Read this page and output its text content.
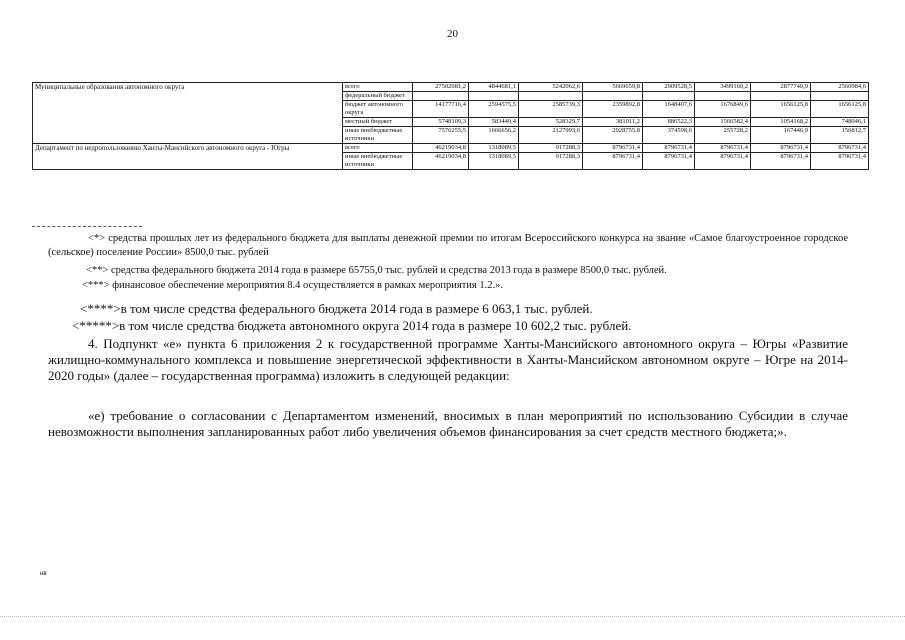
20
Муниципальные образования автономного округа	всего	27502081,2	4844681,1	5242062,6	5669659,8	2909528,5	3499160,2	2877740,9	2560984,6
	федеральный бюджет								
	бюджет автономного округа	14177716,4	2594575,5	2585739,3	2359892,8	1648407,6	1676849,6	1656125,8	1656125,8
	местный бюджет	5748109,3	583449,4	528329,7	381011,2	886522,3	1566582,4	1054168,2	748046,1
	иные внебюджетные источники	7576255,5	1666656,2	2127993,6	2928755,8	374598,6	255728,2	167446,9	156812,7
Департамент по недропользованию Ханты-Мансийского автономного округа - Югры	всего	46219034,8	1318089,5	917288,3	8796731,4	8796731,4	8796731,4	8796731,4	8796731,4
	иные внебюджетные источники	46219034,8	1318089,5	917288,3	8796731,4	8796731,4	8796731,4	8796731,4	8796731,4
<*> средства прошлых лет из федерального бюджета для выплаты денежной премии по итогам Всероссийского конкурса на звание «Самое благоустроенное городское (сельское) поселение России» 8500,0 тыс. рублей
<**> средства федерального бюджета 2014 года в размере 65755,0 тыс. рублей и средства 2013 года в размере 8500,0 тыс. рублей.
<***> финансовое обеспечение мероприятия 8.4 осуществляется в рамках мероприятия 1.2.».
<****>в том числе средства федерального бюджета 2014 года в размере 6 063,1 тыс. рублей.
<*****>в том числе средства бюджета автономного округа 2014 года в размере 10 602,2 тыс. рублей.
4. Подпункт «е» пункта 6 приложения 2 к государственной программе Ханты-Мансийского автономного округа – Югры «Развитие жилищно-коммунального комплекса и повышение энергетической эффективности в Ханты-Мансийском автономном округе – Югре на 2014-2020 годы» (далее – государственная программа) изложить в следующей редакции:
«е) требование о согласовании с Департаментом изменений, вносимых в план мероприятий по использованию Субсидии в случае невозможности выполнения запланированных работ либо увеличения объемов финансирования за счет средств местного бюджета;».
нв
